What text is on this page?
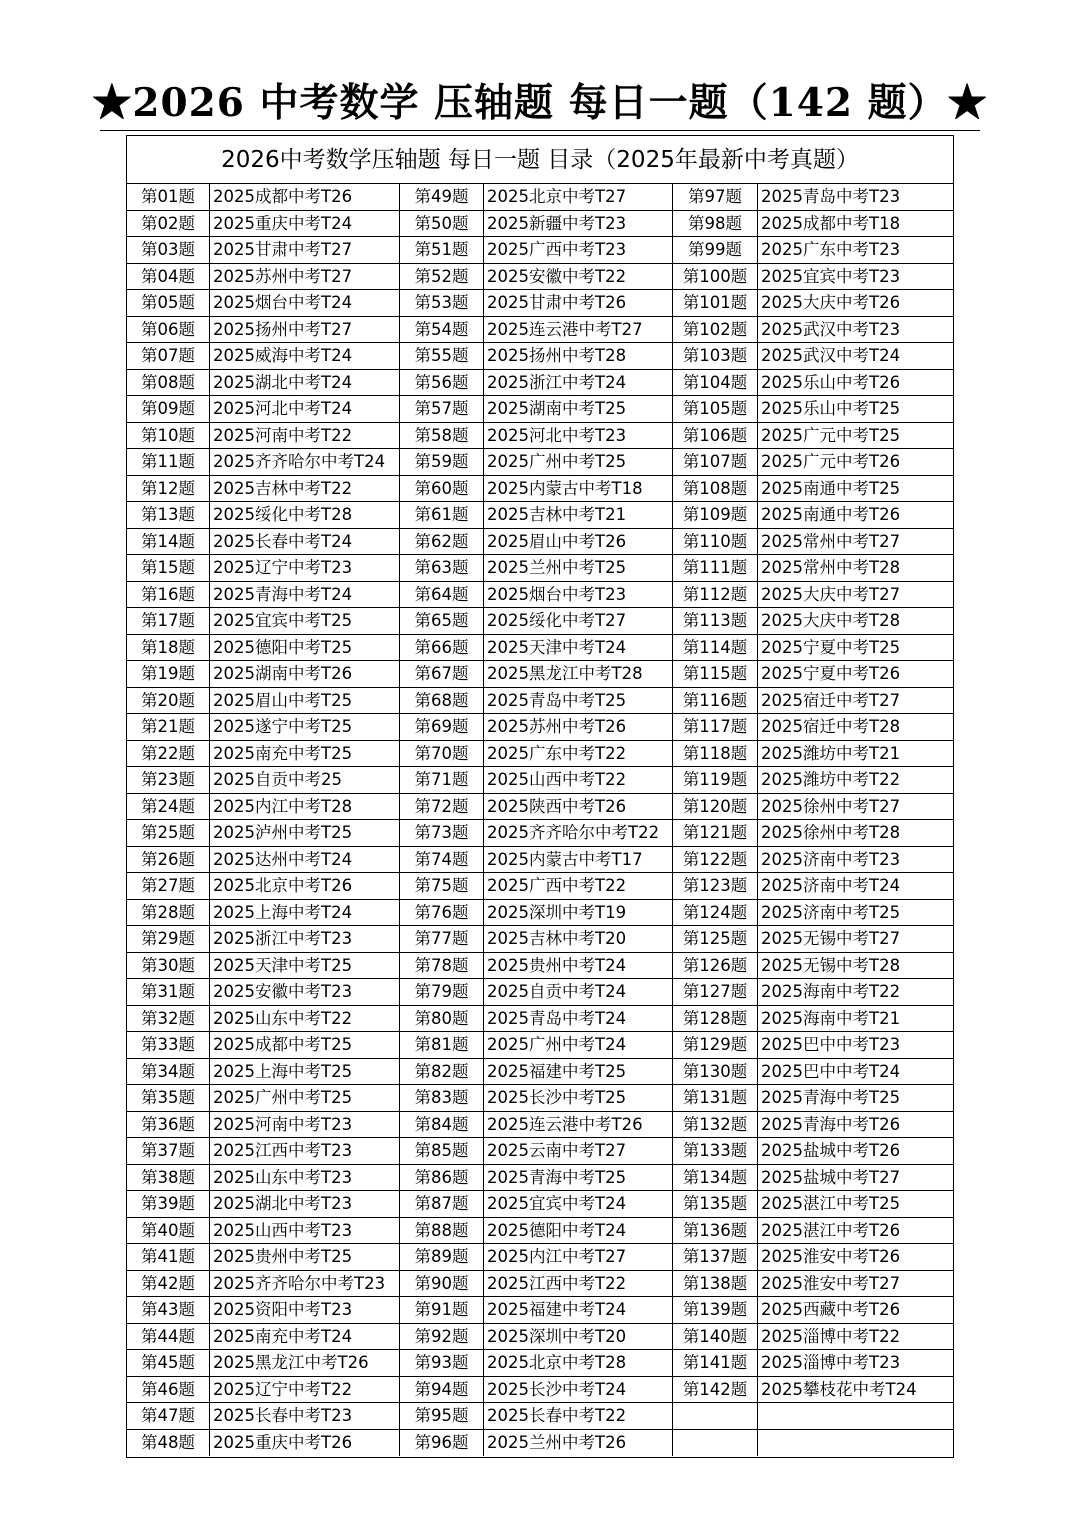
★2026 中考数学 压轴题 每日一题（142 题）★
2026中考数学压轴题 每日一题 目录（2025年最新中考真题）
第01题	2025成都中考T26	第49题	2025北京中考T27	第97题	2025青岛中考T23
第02题	2025重庆中考T24	第50题	2025新疆中考T23	第98题	2025成都中考T18
第03题	2025甘肃中考T27	第51题	2025广西中考T23	第99题	2025广东中考T23
第04题	2025苏州中考T27	第52题	2025安徽中考T22	第100题 2025宜宾中考T23
第05题	2025烟台中考T24	第53题	2025甘肃中考T26	第101题 2025大庆中考T26
第06题	2025扬州中考T27	第54题	2025连云港中考T27	第102题 2025武汉中考T23
第07题	2025威海中考T24	第55题	2025扬州中考T28	第103题 2025武汉中考T24
第08题	2025湖北中考T24	第56题	2025浙江中考T24	第104题 2025乐山中考T26
第09题	2025河北中考T24	第57题	2025湖南中考T25	第105题 2025乐山中考T25
第10题	2025河南中考T22	第58题	2025河北中考T23	第106题 2025广元中考T25
第11题	2025齐齐哈尔中考T24	第59题	2025广州中考T25	第107题 2025广元中考T26
第12题	2025吉林中考T22	第60题	2025内蒙古中考T18	第108题 2025南通中考T25
第13题	2025绥化中考T28	第61题	2025吉林中考T21	第109题 2025南通中考T26
第14题	2025长春中考T24	第62题	2025眉山中考T26	第110题 2025常州中考T27
第15题	2025辽宁中考T23	第63题	2025兰州中考T25	第111题 2025常州中考T28
第16题	2025青海中考T24	第64题	2025烟台中考T23	第112题 2025大庆中考T27
第17题	2025宜宾中考T25	第65题	2025绥化中考T27	第113题 2025大庆中考T28
第18题	2025德阳中考T25	第66题	2025天津中考T24	第114题 2025宁夏中考T25
第19题	2025湖南中考T26	第67题	2025黑龙江中考T28	第115题 2025宁夏中考T26
第20题	2025眉山中考T25	第68题	2025青岛中考T25	第116题 2025宿迁中考T27
第21题	2025遂宁中考T25	第69题	2025苏州中考T26	第117题 2025宿迁中考T28
第22题	2025南充中考T25	第70题	2025广东中考T22	第118题 2025潍坊中考T21
第23题	2025自贡中考25	第71题	2025山西中考T22	第119题 2025潍坊中考T22
第24题	2025内江中考T28	第72题	2025陕西中考T26	第120题 2025徐州中考T27
第25题	2025泸州中考T25	第73题	2025齐齐哈尔中考T22	第121题 2025徐州中考T28
第26题	2025达州中考T24	第74题	2025内蒙古中考T17	第122题 2025济南中考T23
第27题	2025北京中考T26	第75题	2025广西中考T22	第123题 2025济南中考T24
第28题	2025上海中考T24	第76题	2025深圳中考T19	第124题 2025济南中考T25
第29题	2025浙江中考T23	第77题	2025吉林中考T20	第125题 2025无锡中考T27
第30题	2025天津中考T25	第78题	2025贵州中考T24	第126题 2025无锡中考T28
第31题	2025安徽中考T23	第79题	2025自贡中考T24	第127题 2025海南中考T22
第32题	2025山东中考T22	第80题	2025青岛中考T24	第128题 2025海南中考T21
第33题	2025成都中考T25	第81题	2025广州中考T24	第129题 2025巴中中考T23
第34题	2025上海中考T25	第82题	2025福建中考T25	第130题 2025巴中中考T24
第35题	2025广州中考T25	第83题	2025长沙中考T25	第131题 2025青海中考T25
第36题	2025河南中考T23	第84题	2025连云港中考T26	第132题 2025青海中考T26
第37题	2025江西中考T23	第85题	2025云南中考T27	第133题 2025盐城中考T26
第38题	2025山东中考T23	第86题	2025青海中考T25	第134题 2025盐城中考T27
第39题	2025湖北中考T23	第87题	2025宜宾中考T24	第135题 2025湛江中考T25
第40题	2025山西中考T23	第88题	2025德阳中考T24	第136题 2025湛江中考T26
第41题	2025贵州中考T25	第89题	2025内江中考T27	第137题 2025淮安中考T26
第42题	2025齐齐哈尔中考T23	第90题	2025江西中考T22	第138题 2025淮安中考T27
第43题	2025资阳中考T23	第91题	2025福建中考T24	第139题 2025西藏中考T26
第44题	2025南充中考T24	第92题	2025深圳中考T20	第140题 2025淄博中考T22
第45题	2025黑龙江中考T26	第93题	2025北京中考T28	第141题 2025淄博中考T23
第46题	2025辽宁中考T22	第94题	2025长沙中考T24	第142题 2025攀枝花中考T24
第47题	2025长春中考T23	第95题	2025长春中考T22
第48题	2025重庆中考T26	第96题	2025兰州中考T26
